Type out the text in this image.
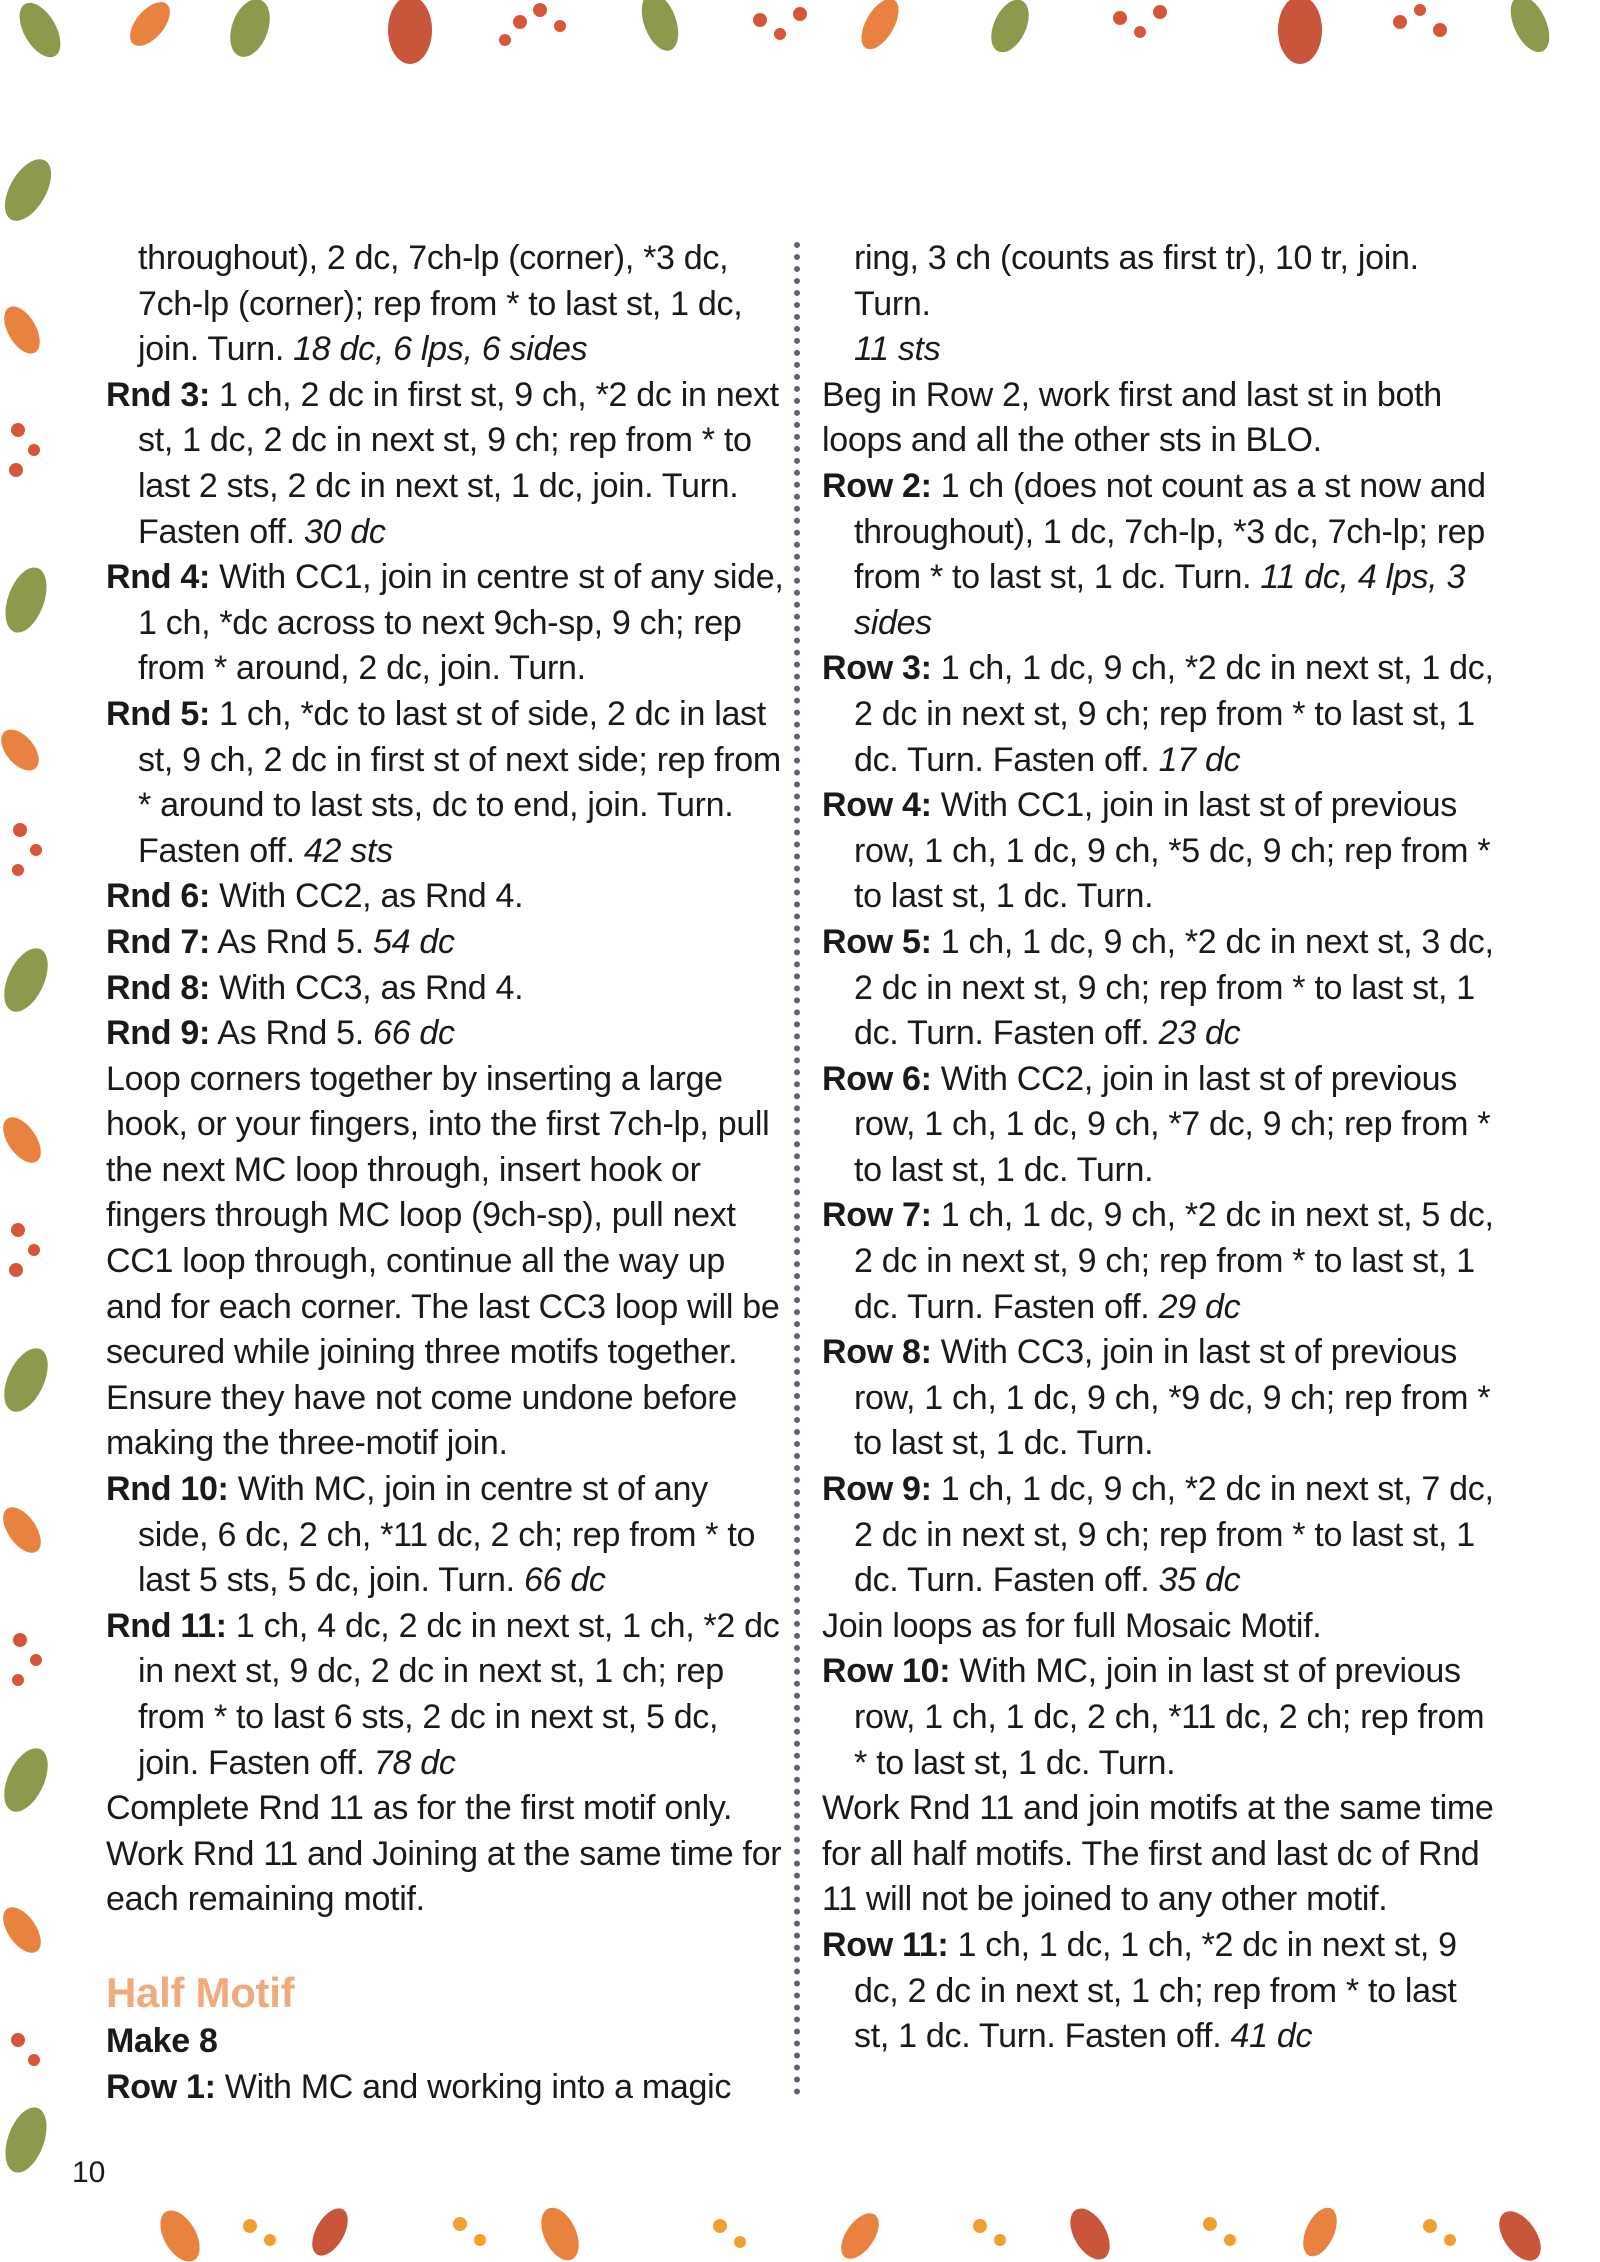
throughout), 2 dc, 7ch-lp (corner), *3 dc, 7ch-lp (corner); rep from * to last st, 1 dc, join. Turn. 18 dc, 6 lps, 6 sides

Rnd 3: 1 ch, 2 dc in first st, 9 ch, *2 dc in next st, 1 dc, 2 dc in next st, 9 ch; rep from * to last 2 sts, 2 dc in next st, 1 dc, join. Turn. Fasten off. 30 dc

Rnd 4: With CC1, join in centre st of any side, 1 ch, *dc across to next 9ch-sp, 9 ch; rep from * around, 2 dc, join. Turn.

Rnd 5: 1 ch, *dc to last st of side, 2 dc in last st, 9 ch, 2 dc in first st of next side; rep from * around to last sts, dc to end, join. Turn. Fasten off. 42 sts

Rnd 6: With CC2, as Rnd 4.

Rnd 7: As Rnd 5. 54 dc

Rnd 8: With CC3, as Rnd 4.

Rnd 9: As Rnd 5. 66 dc

Loop corners together by inserting a large hook, or your fingers, into the first 7ch-lp, pull the next MC loop through, insert hook or fingers through MC loop (9ch-sp), pull next CC1 loop through, continue all the way up and for each corner. The last CC3 loop will be secured while joining three motifs together. Ensure they have not come undone before making the three-motif join.

Rnd 10: With MC, join in centre st of any side, 6 dc, 2 ch, *11 dc, 2 ch; rep from * to last 5 sts, 5 dc, join. Turn. 66 dc

Rnd 11: 1 ch, 4 dc, 2 dc in next st, 1 ch, *2 dc in next st, 9 dc, 2 dc in next st, 1 ch; rep from * to last 6 sts, 2 dc in next st, 5 dc, join. Fasten off. 78 dc

Complete Rnd 11 as for the first motif only. Work Rnd 11 and Joining at the same time for each remaining motif.

Half Motif

Make 8

Row 1: With MC and working into a magic

ring, 3 ch (counts as first tr), 10 tr, join. Turn.
11 sts

Beg in Row 2, work first and last st in both loops and all the other sts in BLO.

Row 2: 1 ch (does not count as a st now and throughout), 1 dc, 7ch-lp, *3 dc, 7ch-lp; rep from * to last st, 1 dc. Turn. 11 dc, 4 lps, 3 sides

Row 3: 1 ch, 1 dc, 9 ch, *2 dc in next st, 1 dc, 2 dc in next st, 9 ch; rep from * to last st, 1 dc. Turn. Fasten off. 17 dc

Row 4: With CC1, join in last st of previous row, 1 ch, 1 dc, 9 ch, *5 dc, 9 ch; rep from * to last st, 1 dc. Turn.

Row 5: 1 ch, 1 dc, 9 ch, *2 dc in next st, 3 dc, 2 dc in next st, 9 ch; rep from * to last st, 1 dc. Turn. Fasten off. 23 dc

Row 6: With CC2, join in last st of previous row, 1 ch, 1 dc, 9 ch, *7 dc, 9 ch; rep from * to last st, 1 dc. Turn.

Row 7: 1 ch, 1 dc, 9 ch, *2 dc in next st, 5 dc, 2 dc in next st, 9 ch; rep from * to last st, 1 dc. Turn. Fasten off. 29 dc

Row 8: With CC3, join in last st of previous row, 1 ch, 1 dc, 9 ch, *9 dc, 9 ch; rep from * to last st, 1 dc. Turn.

Row 9: 1 ch, 1 dc, 9 ch, *2 dc in next st, 7 dc, 2 dc in next st, 9 ch; rep from * to last st, 1 dc. Turn. Fasten off. 35 dc

Join loops as for full Mosaic Motif.

Row 10: With MC, join in last st of previous row, 1 ch, 1 dc, 2 ch, *11 dc, 2 ch; rep from * to last st, 1 dc. Turn.

Work Rnd 11 and join motifs at the same time for all half motifs. The first and last dc of Rnd 11 will not be joined to any other motif.

Row 11: 1 ch, 1 dc, 1 ch, *2 dc in next st, 9 dc, 2 dc in next st, 1 ch; rep from * to last st, 1 dc. Turn. Fasten off. 41 dc

10
